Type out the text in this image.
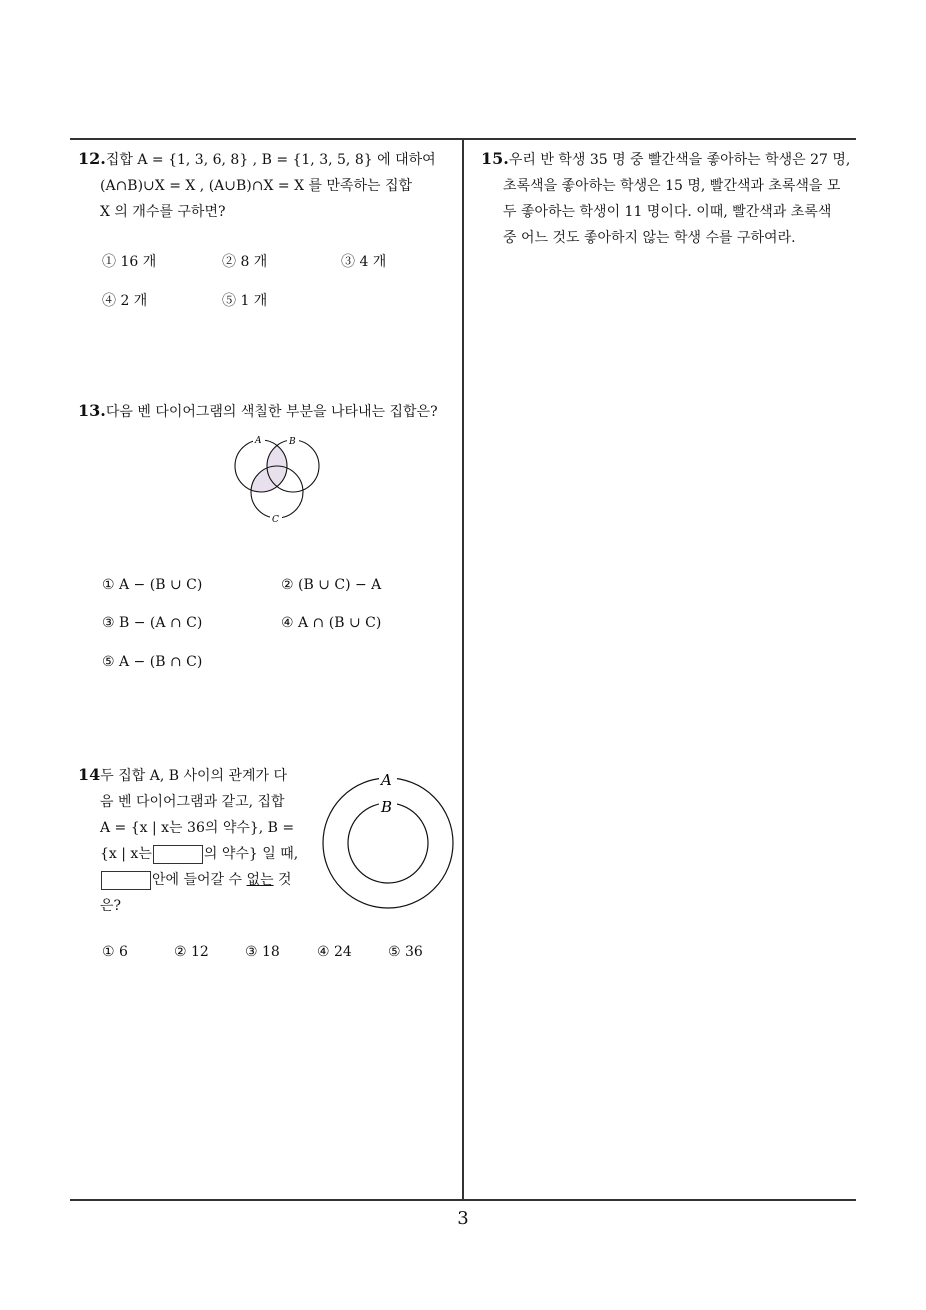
3
12.집합 A = {1, 3, 6, 8} , B = {1, 3, 5, 8} 에 대하여
(A∩B)∪X = X , (A∪B)∩X = X 를 만족하는 집합
X 의 개수를 구하면?
① 16 개	② 8 개	③ 4 개
④ 2 개	⑤ 1 개
13.다음 벤 다이어그램의 색칠한 부분을 나타내는 집합은?
A	B
C
① A − (B ∪ C)	② (B ∪ C) − A
③ B − (A ∩ C)	④ A ∩ (B ∪ C)
⑤ A − (B ∩ C)
14두 집합 A, B 사이의 관계가 다
음 벤 다이어그램과 같고, 집합
A = {x | x는 36의 약수}, B =
{x | x는	의 약수} 일 때,
안에 들어갈 수 없는 것
은?
A
B
① 6	② 12	③ 18	④ 24	⑤ 36
15.우리 반 학생 35 명 중 빨간색을 좋아하는 학생은 27 명,
초록색을 좋아하는 학생은 15 명, 빨간색과 초록색을 모
두 좋아하는 학생이 11 명이다. 이때, 빨간색과 초록색
중 어느 것도 좋아하지 않는 학생 수를 구하여라.
